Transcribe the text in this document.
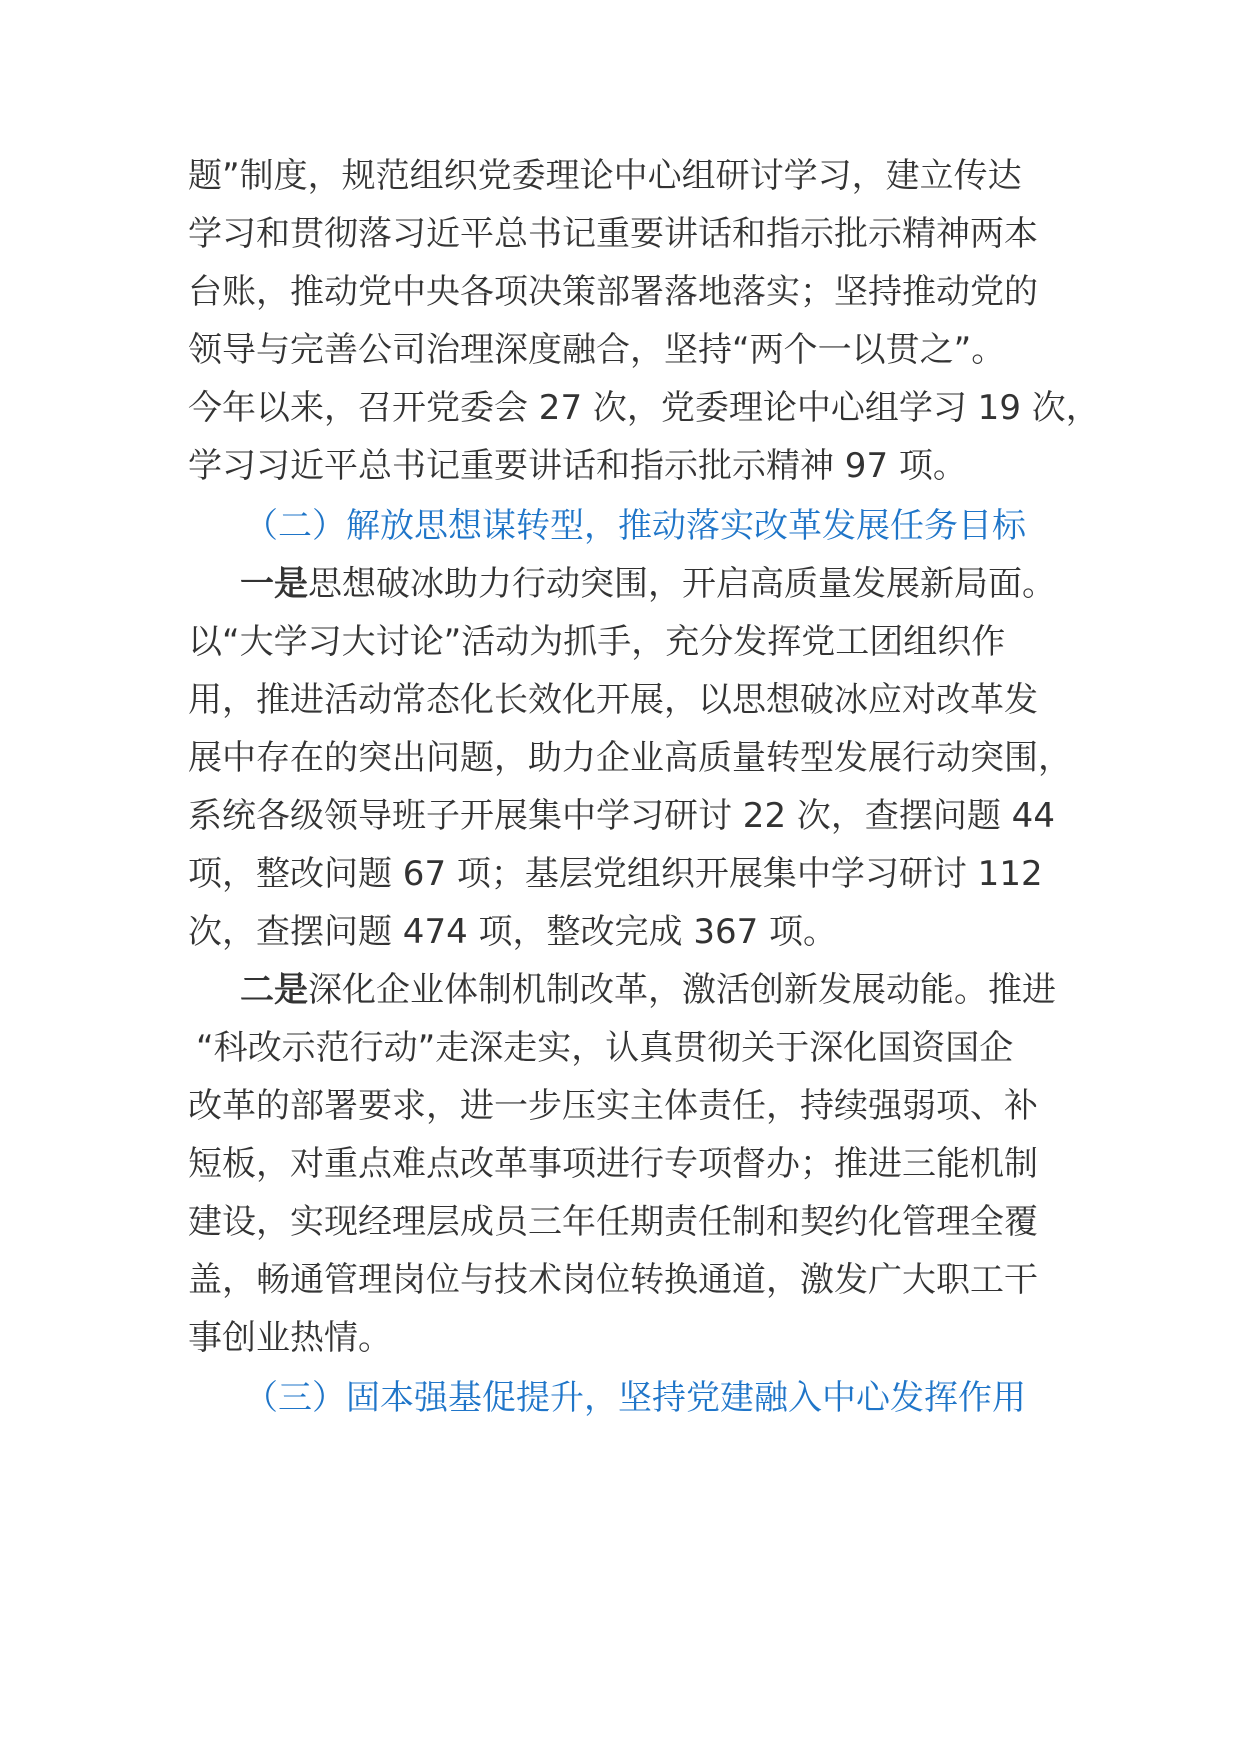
题”制度，规范组织党委理论中心组研讨学习，建立传达
学习和贯彻落习近平总书记重要讲话和指示批示精神两本
台账，推动党中央各项决策部署落地落实；坚持推动党的
领导与完善公司治理深度融合，坚持“两个一以贯之”。
今年以来，召开党委会 27 次，党委理论中心组学习 19 次，
学习习近平总书记重要讲话和指示批示精神 97 项。
（二）解放思想谋转型，推动落实改革发展任务目标
一是思想破冰助力行动突围，开启高质量发展新局面。
以“大学习大讨论”活动为抓手，充分发挥党工团组织作
用，推进活动常态化长效化开展，以思想破冰应对改革发
展中存在的突出问题，助力企业高质量转型发展行动突围，
系统各级领导班子开展集中学习研讨 22 次，查摆问题 44
项，整改问题 67 项；基层党组织开展集中学习研讨 112
次，查摆问题 474 项，整改完成 367 项。
二是深化企业体制机制改革，激活创新发展动能。推进
“科改示范行动”走深走实，认真贯彻关于深化国资国企
改革的部署要求，进一步压实主体责任，持续强弱项、补
短板，对重点难点改革事项进行专项督办；推进三能机制
建设，实现经理层成员三年任期责任制和契约化管理全覆
盖，畅通管理岗位与技术岗位转换通道，激发广大职工干
事创业热情。
（三）固本强基促提升，坚持党建融入中心发挥作用
